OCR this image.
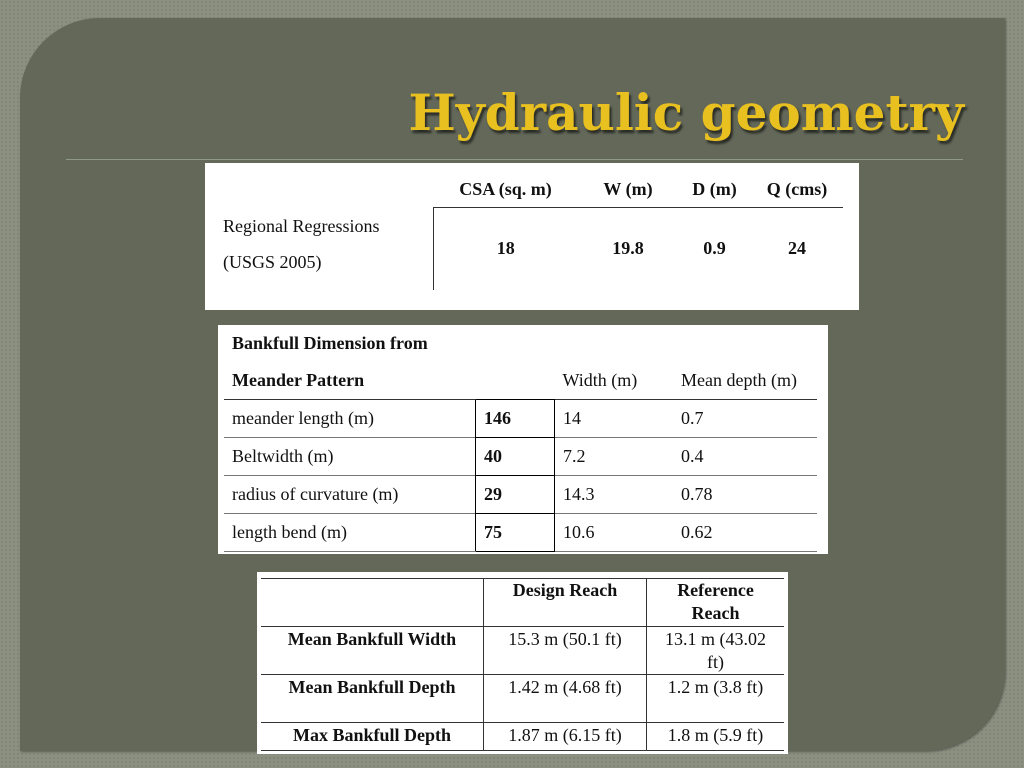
Hydraulic geometry
	CSA (sq. m)	W (m)	D (m)	Q (cms)

Regional Regressions
(USGS 2005)	18	19.8	0.9	24
Bankfull Dimension from			
Meander Pattern		Width (m)	Mean depth (m)
meander length (m)	146	14	0.7
Beltwidth (m)	40	7.2	0.4
radius of curvature (m)	29	14.3	0.78
length bend (m)	75	10.6	0.62
	Design Reach	Reference
Reach

Mean Bankfull Width	15.3 m (50.1 ft)	13.1 m (43.02
ft)

Mean Bankfull Depth	1.42 m (4.68 ft)	1.2 m (3.8 ft)
Max Bankfull Depth	1.87 m (6.15 ft)	1.8 m (5.9 ft)
